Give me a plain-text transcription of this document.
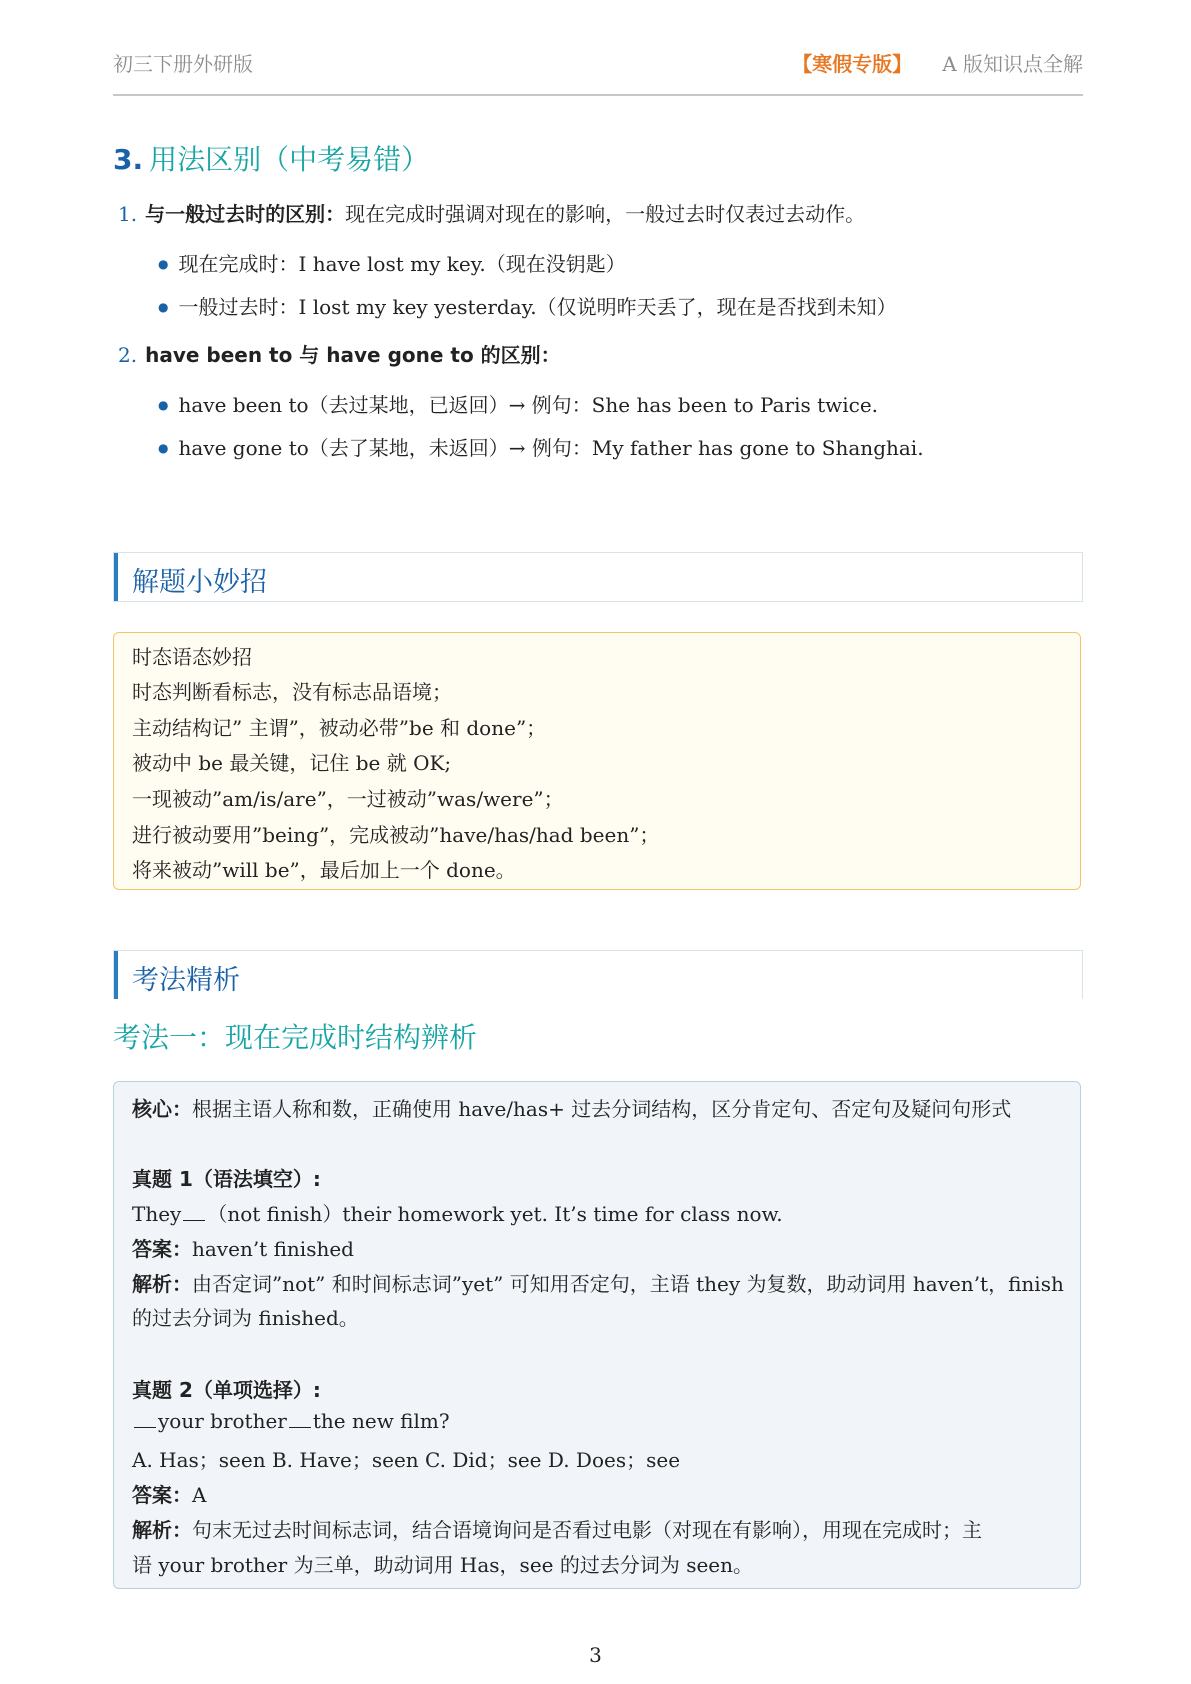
初三下册外研版	【寒假专版】 A 版知识点全解
3. 用法区别（中考易错）
1. 与一般过去时的区别：现在完成时强调对现在的影响，一般过去时仅表过去动作。
● 现在完成时：I have lost my key.（现在没钥匙）
● 一般过去时：I lost my key yesterday.（仅说明昨天丢了，现在是否找到未知）
2. have been to 与 have gone to 的区别：
● have been to（去过某地，已返回）→ 例句：She has been to Paris twice.
● have gone to（去了某地，未返回）→ 例句：My father has gone to Shanghai.
解题小妙招
时态语态妙招
时态判断看标志，没有标志品语境；
主动结构记” 主谓”，被动必带”be 和 done”；
被动中 be 最关键，记住 be 就 OK;
一现被动”am/is/are”，一过被动”was/were”；
进行被动要用”being”，完成被动”have/has/had been”；
将来被动”will be”，最后加上一个 done。
考法精析
考法一：现在完成时结构辨析
核心：根据主语人称和数，正确使用 have/has+ 过去分词结构，区分肯定句、否定句及疑问句形式
真题 1（语法填空）:
They （not finish）their homework yet. It’s time for class now.
答案：haven’t finished
解析：由否定词”not” 和时间标志词”yet” 可知用否定句，主语 they 为复数，助动词用 haven’t，finish
的过去分词为 finished。
真题 2（单项选择）:
your brother the new film?
A. Has；seen B. Have；seen C. Did；see D. Does；see
答案：A
解析：句末无过去时间标志词，结合语境询问是否看过电影（对现在有影响），用现在完成时；主
语 your brother 为三单，助动词用 Has，see 的过去分词为 seen。
3
